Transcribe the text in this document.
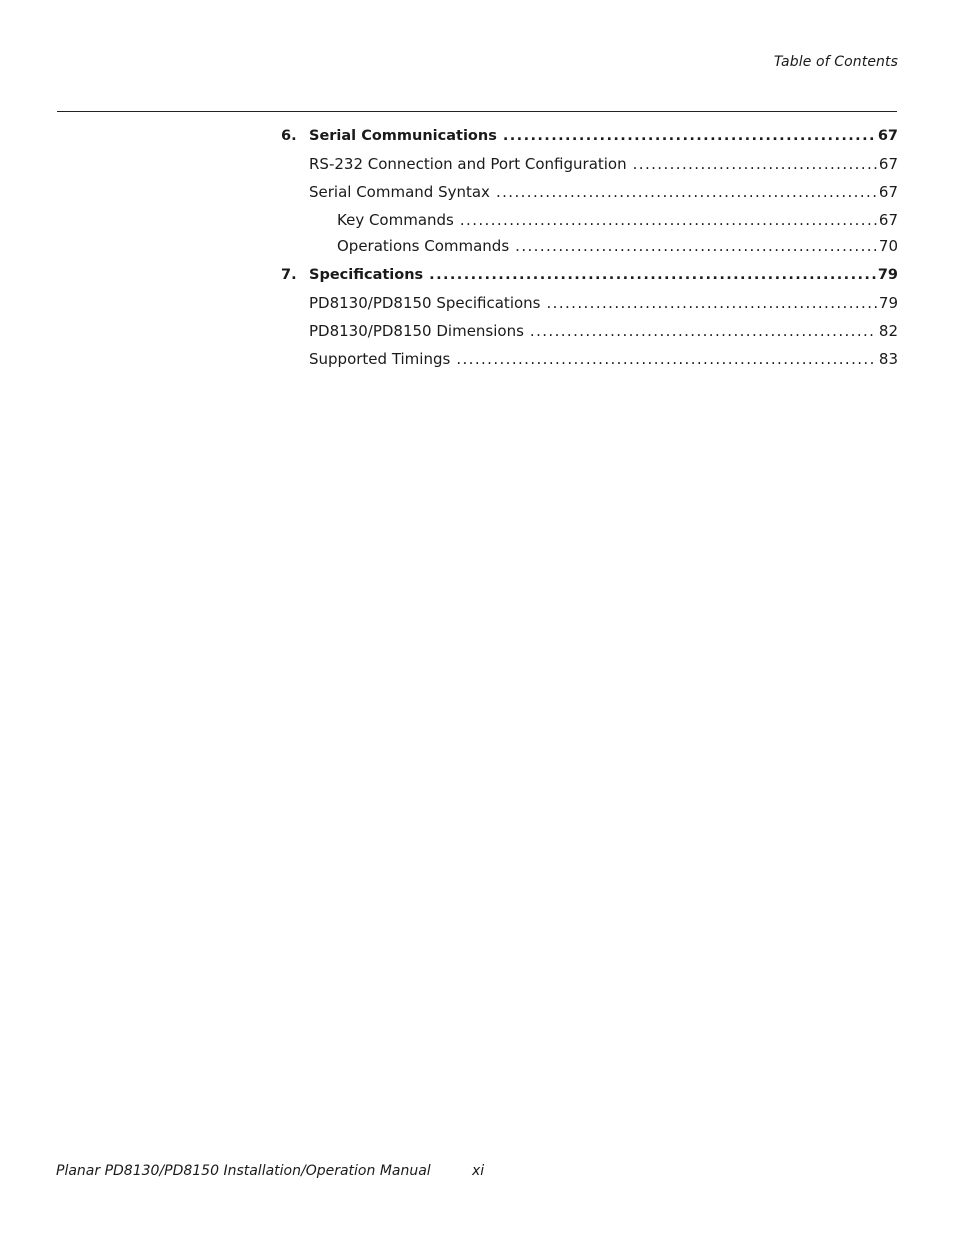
Table of Contents
6. Serial Communications .....	67
RS-232 Connection and Port Configuration .....	67
Serial Command Syntax .....	67
Key Commands .....	67
Operations Commands .....	70
7. Specifications .....	79
PD8130/PD8150 Specifications .....	79
PD8130/PD8150 Dimensions .....	82
Supported Timings .....	83
Planar PD8130/PD8150 Installation/Operation Manual	xi
